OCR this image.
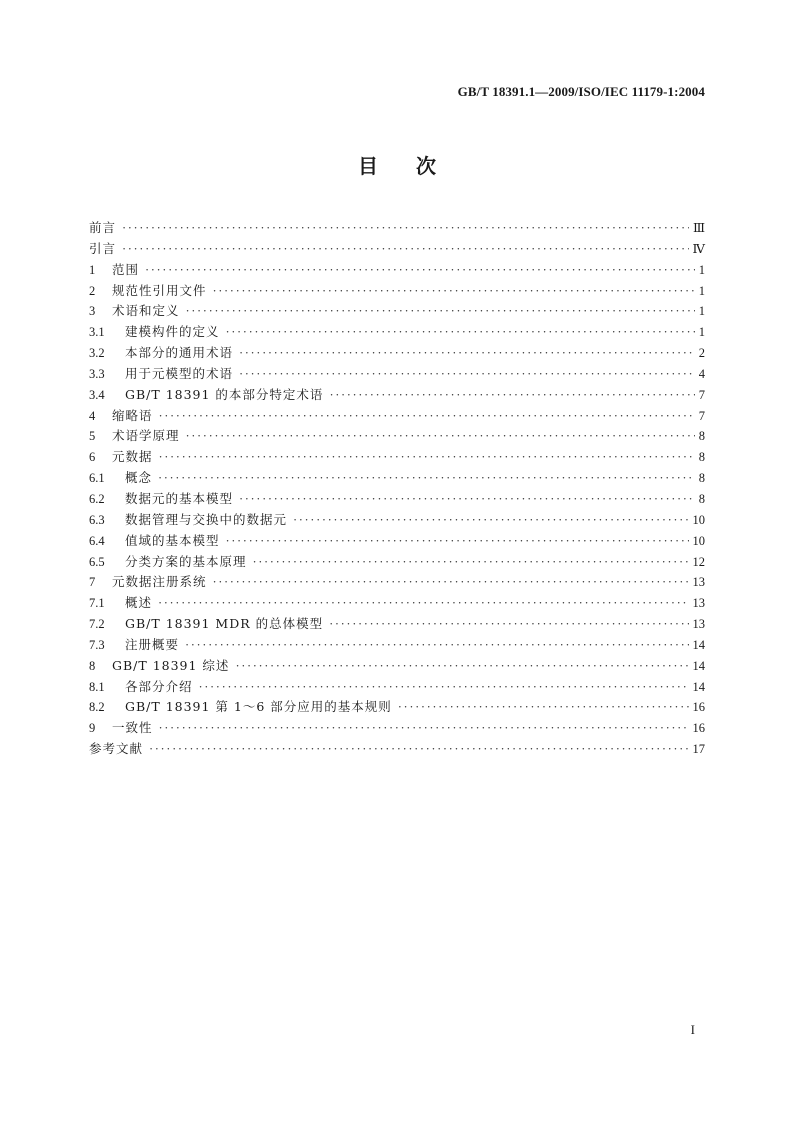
GB/T 18391.1—2009/ISO/IEC 11179-1:2004
目次
前言 ·····	Ⅲ
引言 ·····	Ⅳ
1	范围 ·····	1
2	规范性引用文件 ·····	1
3	术语和定义 ·····	1
3.1	建模构件的定义 ·····	1
3.2	本部分的通用术语 ·····	2
3.3	用于元模型的术语 ·····	4
3.4	GB/T 18391 的本部分特定术语 ·····	7
4	缩略语 ·····	7
5	术语学原理 ·····	8
6	元数据 ·····	8
6.1	概念 ·····	8
6.2	数据元的基本模型 ·····	8
6.3	数据管理与交换中的数据元 ·····	10
6.4	值域的基本模型 ·····	10
6.5	分类方案的基本原理 ·····	12
7	元数据注册系统 ·····	13
7.1	概述 ·····	13
7.2	GB/T 18391 MDR 的总体模型 ·····	13
7.3	注册概要 ·····	14
8	GB/T 18391 综述 ·····	14
8.1	各部分介绍 ·····	14
8.2	GB/T 18391 第 1～6 部分应用的基本规则 ·····	16
9	一致性 ·····	16
参考文献 ·····	17
I
